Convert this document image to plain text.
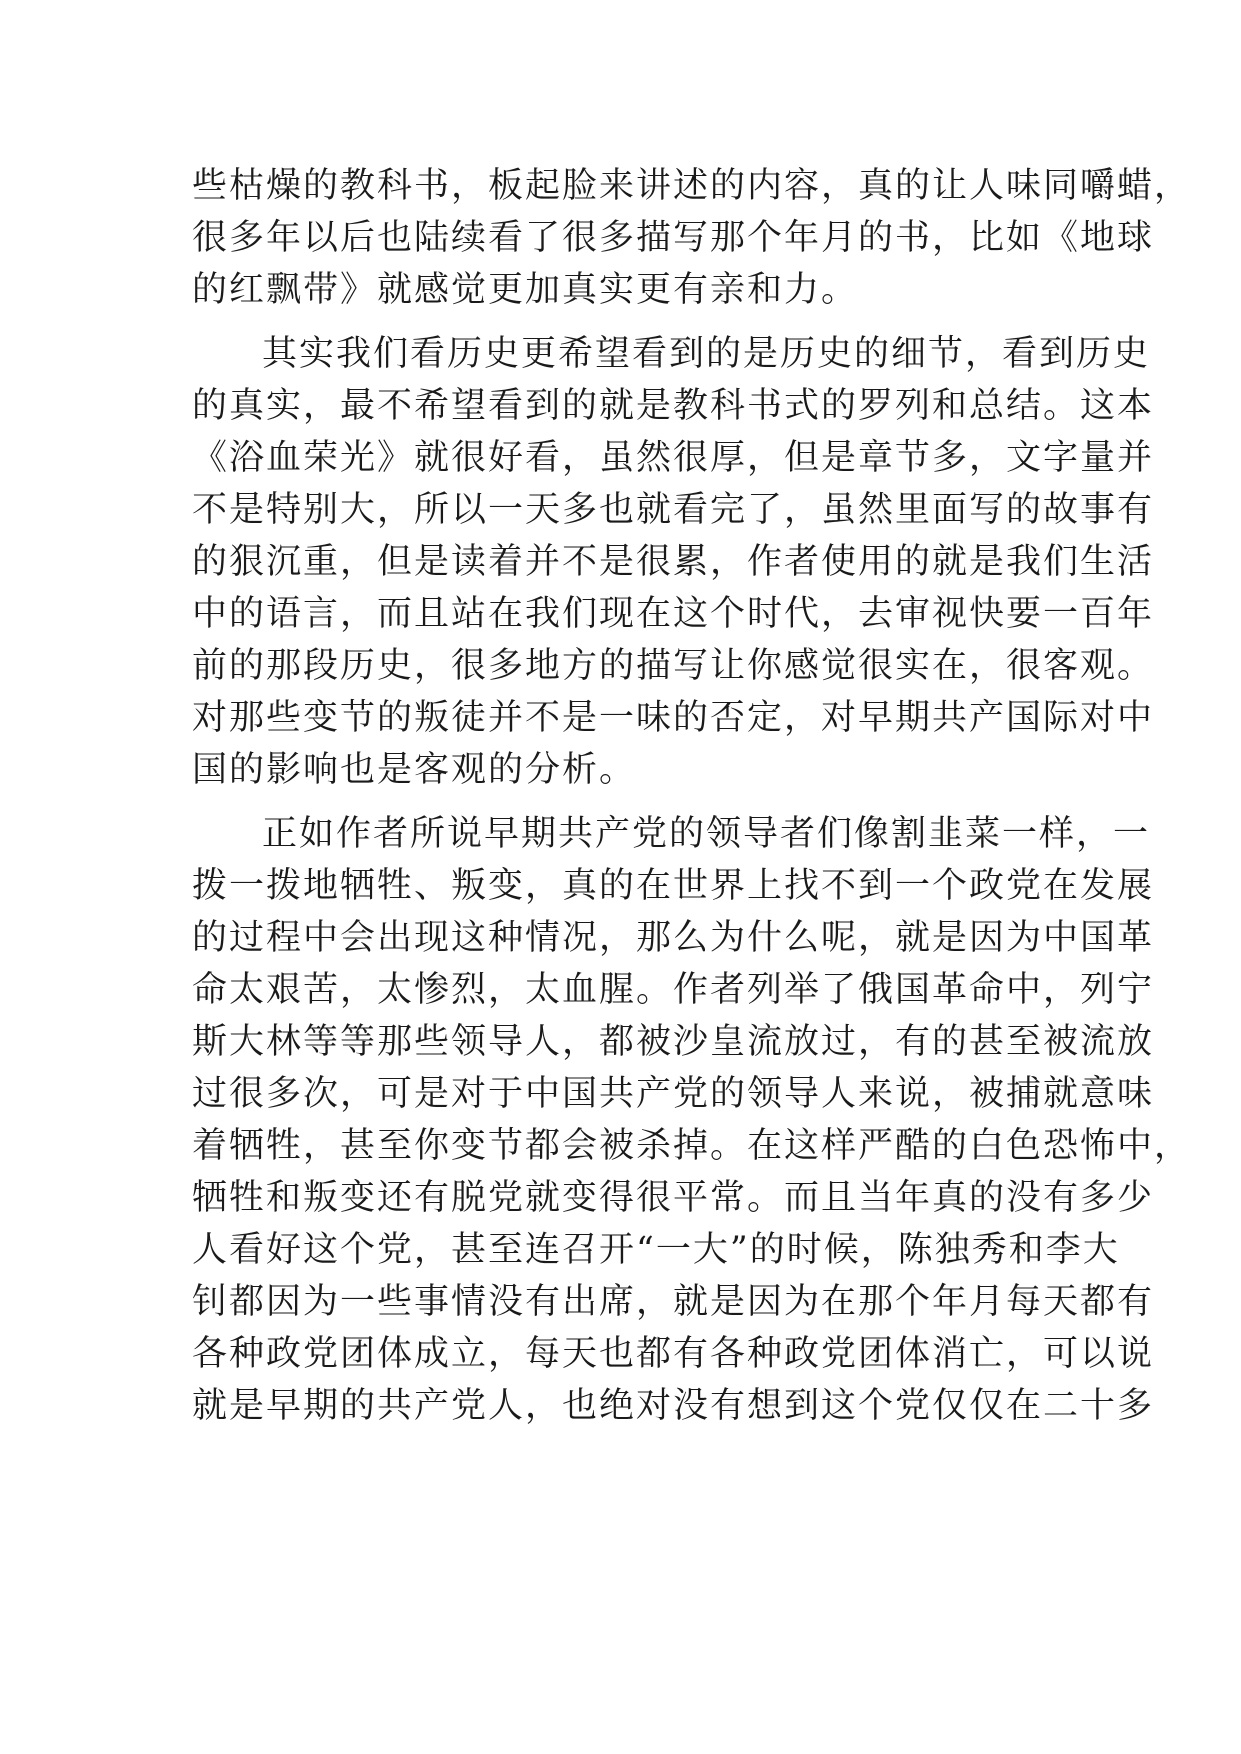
些枯燥的教科书，板起脸来讲述的内容，真的让人味同嚼蜡，
很多年以后也陆续看了很多描写那个年月的书，比如《地球
的红飘带》就感觉更加真实更有亲和力。
其实我们看历史更希望看到的是历史的细节，看到历史
的真实，最不希望看到的就是教科书式的罗列和总结。这本
《浴血荣光》就很好看，虽然很厚，但是章节多，文字量并
不是特别大，所以一天多也就看完了，虽然里面写的故事有
的狠沉重，但是读着并不是很累，作者使用的就是我们生活
中的语言，而且站在我们现在这个时代，去审视快要一百年
前的那段历史，很多地方的描写让你感觉很实在，很客观。
对那些变节的叛徒并不是一味的否定，对早期共产国际对中
国的影响也是客观的分析。
正如作者所说早期共产党的领导者们像割韭菜一样，一
拨一拨地牺牲、叛变，真的在世界上找不到一个政党在发展
的过程中会出现这种情况，那么为什么呢，就是因为中国革
命太艰苦，太惨烈，太血腥。作者列举了俄国革命中，列宁
斯大林等等那些领导人，都被沙皇流放过，有的甚至被流放
过很多次，可是对于中国共产党的领导人来说，被捕就意味
着牺牲，甚至你变节都会被杀掉。在这样严酷的白色恐怖中，
牺牲和叛变还有脱党就变得很平常。而且当年真的没有多少
人看好这个党，甚至连召开“一大”的时候，陈独秀和李大
钊都因为一些事情没有出席，就是因为在那个年月每天都有
各种政党团体成立，每天也都有各种政党团体消亡，可以说
就是早期的共产党人，也绝对没有想到这个党仅仅在二十多
